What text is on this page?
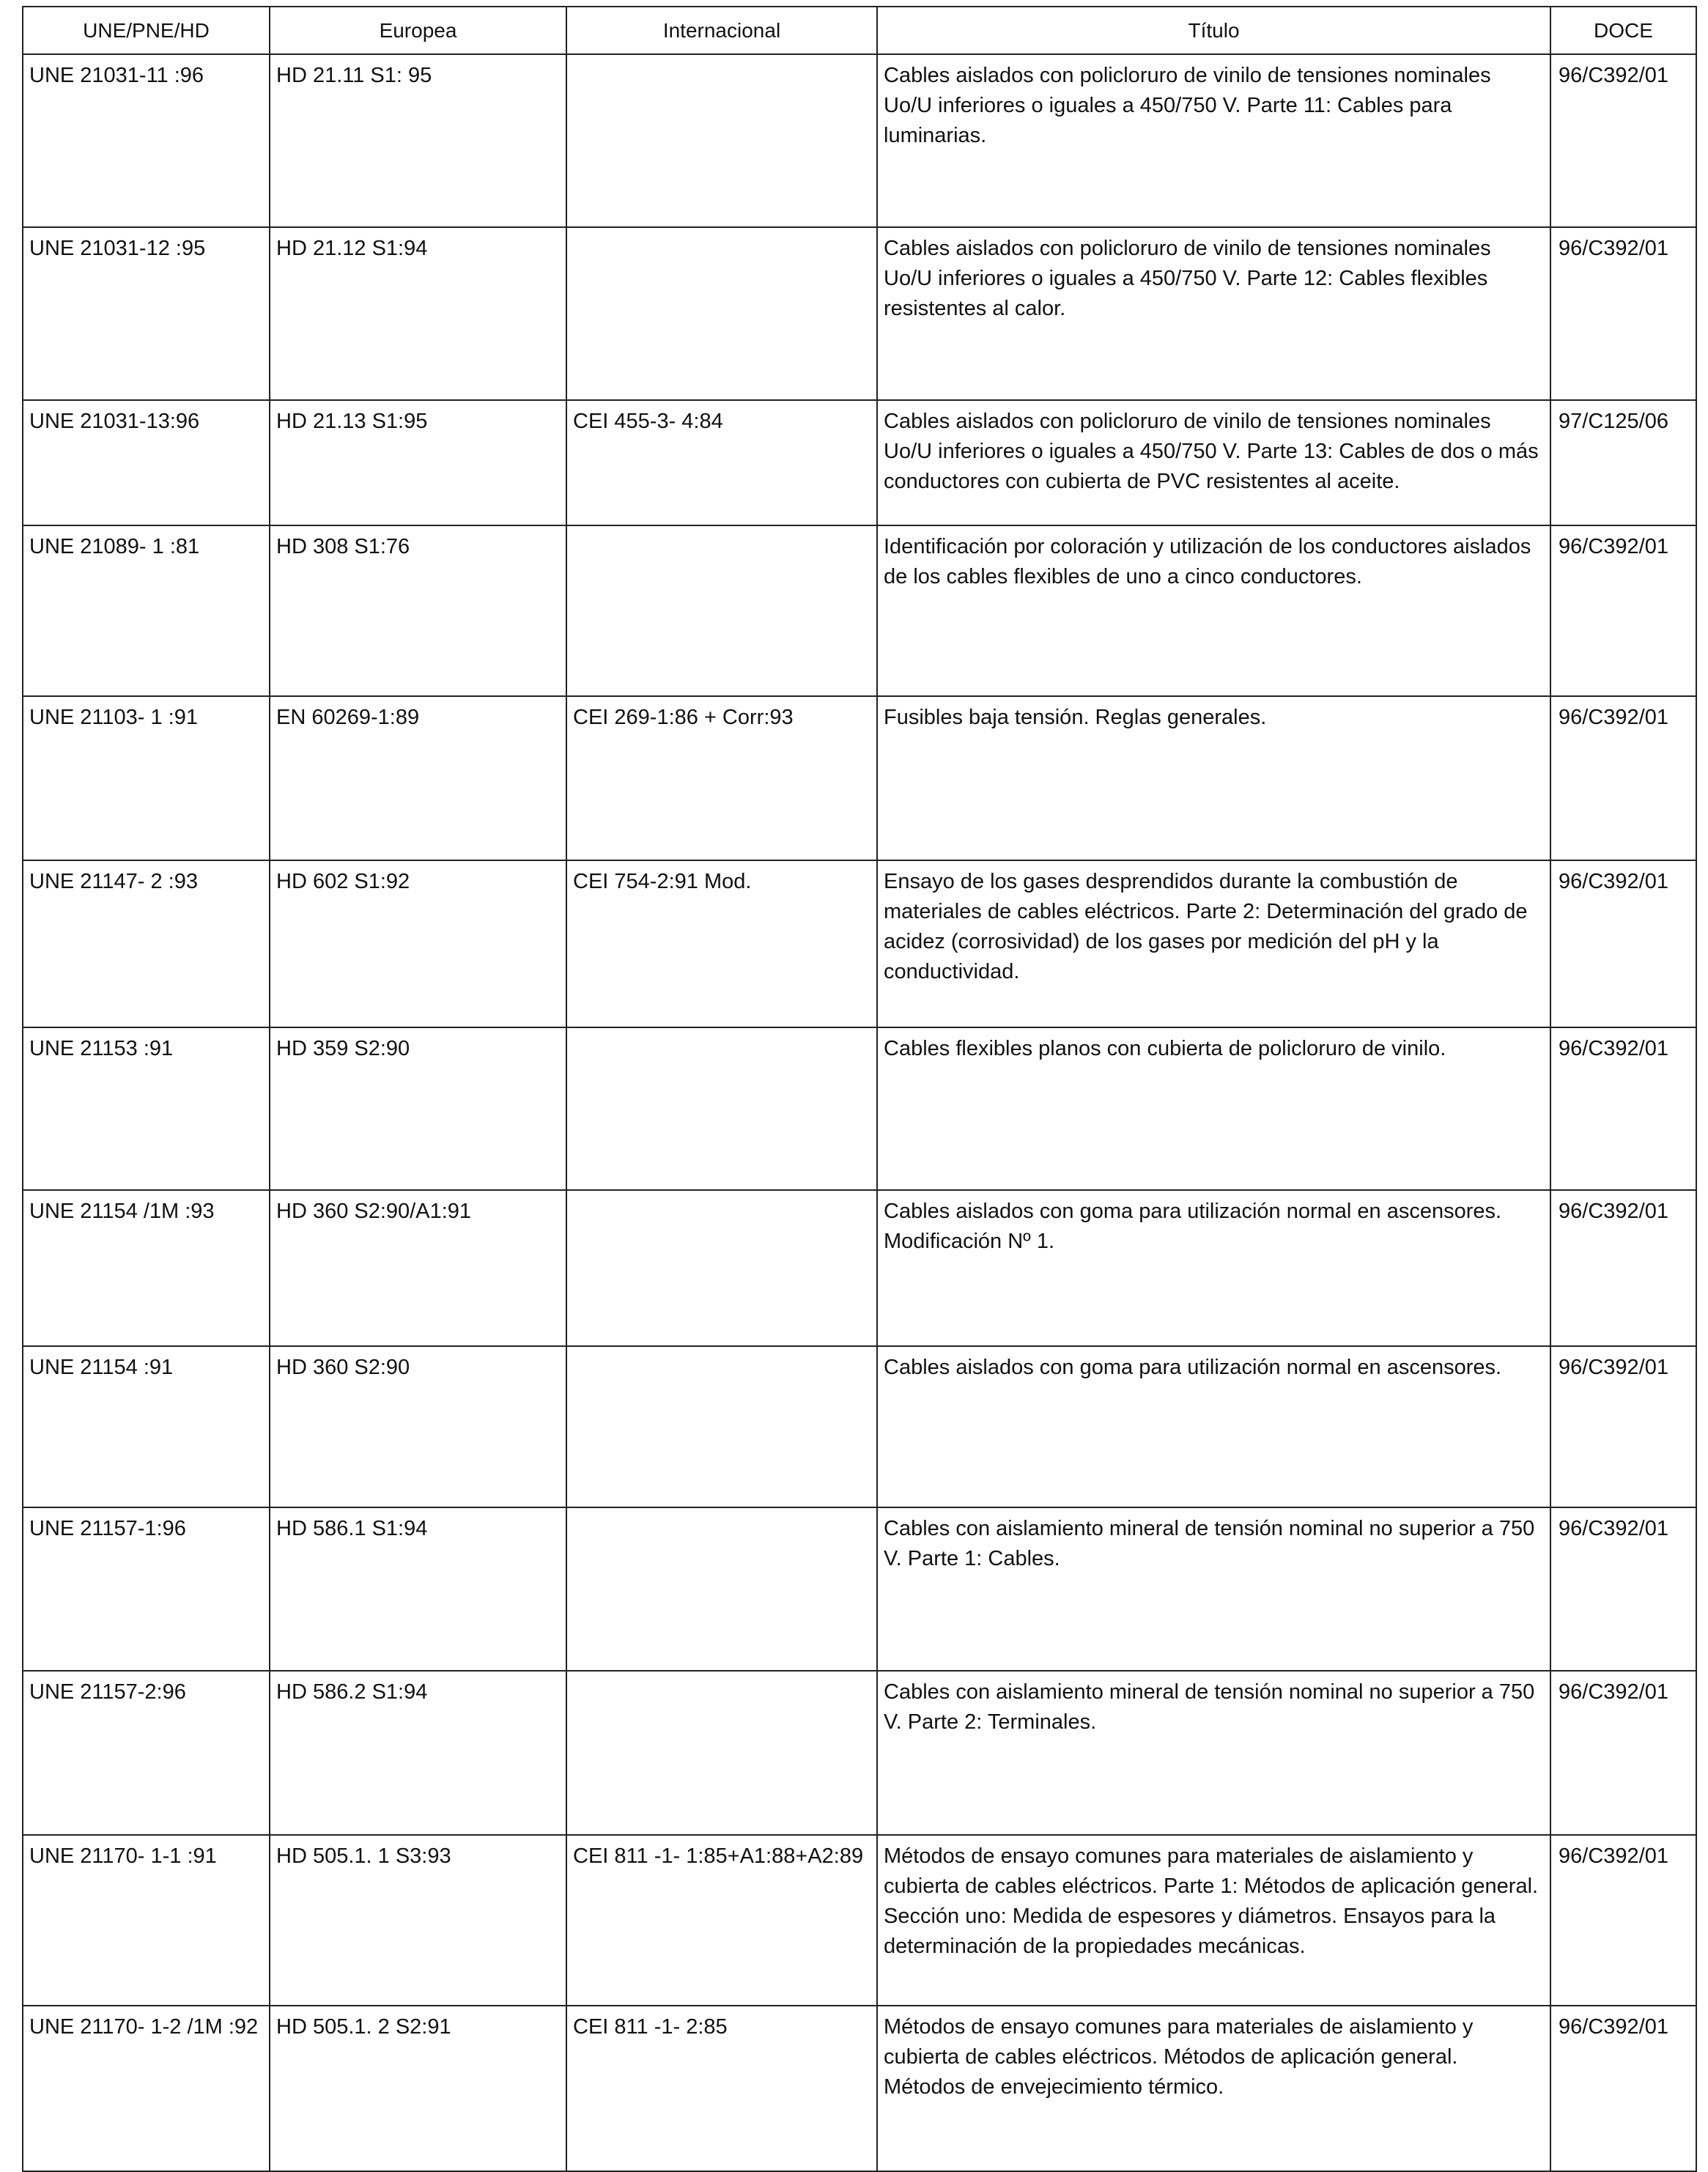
UNE/PNE/HD	Europea	Internacional	Título	DOCE
UNE 21031-11 :96	HD 21.11 S1: 95		Cables aislados con policloruro de vinilo de tensiones nominales Uo/U inferiores o iguales a 450/750 V. Parte 11: Cables para luminarias.	96/C392/01
UNE 21031-12 :95	HD 21.12 S1:94		Cables aislados con policloruro de vinilo de tensiones nominales Uo/U inferiores o iguales a 450/750 V. Parte 12: Cables flexibles resistentes al calor.	96/C392/01
UNE 21031-13:96	HD 21.13 S1:95	CEI 455-3- 4:84	Cables aislados con policloruro de vinilo de tensiones nominales Uo/U inferiores o iguales a 450/750 V. Parte 13: Cables de dos o más conductores con cubierta de PVC resistentes al aceite.	97/C125/06
UNE 21089- 1 :81	HD 308 S1:76		Identificación por coloración y utilización de los conductores aislados de los cables flexibles de uno a cinco conductores.	96/C392/01
UNE 21103- 1 :91	EN 60269-1:89	CEI 269-1:86 + Corr:93	Fusibles baja tensión. Reglas generales.	96/C392/01
UNE 21147- 2 :93	HD 602 S1:92	CEI 754-2:91 Mod.	Ensayo de los gases desprendidos durante la combustión de materiales de cables eléctricos. Parte 2: Determinación del grado de acidez (corrosividad) de los gases por medición del pH y la conductividad.	96/C392/01
UNE 21153 :91	HD 359 S2:90		Cables flexibles planos con cubierta de policloruro de vinilo.	96/C392/01
UNE 21154 /1M :93	HD 360 S2:90/A1:91		Cables aislados con goma para utilización normal en ascensores. Modificación Nº 1.	96/C392/01
UNE 21154 :91	HD 360 S2:90		Cables aislados con goma para utilización normal en ascensores.	96/C392/01
UNE 21157-1:96	HD 586.1 S1:94		Cables con aislamiento mineral de tensión nominal no superior a 750 V. Parte 1: Cables.	96/C392/01
UNE 21157-2:96	HD 586.2 S1:94		Cables con aislamiento mineral de tensión nominal no superior a 750 V. Parte 2: Terminales.	96/C392/01
UNE 21170- 1-1 :91	HD 505.1. 1 S3:93	CEI 811 -1- 1:85+A1:88+A2:89	Métodos de ensayo comunes para materiales de aislamiento y cubierta de cables eléctricos. Parte 1: Métodos de aplicación general. Sección uno: Medida de espesores y diámetros. Ensayos para la determinación de la propiedades mecánicas.	96/C392/01
UNE 21170- 1-2 /1M :92	HD 505.1. 2 S2:91	CEI 811 -1- 2:85	Métodos de ensayo comunes para materiales de aislamiento y cubierta de cables eléctricos. Métodos de aplicación general. Métodos de envejecimiento térmico.	96/C392/01
